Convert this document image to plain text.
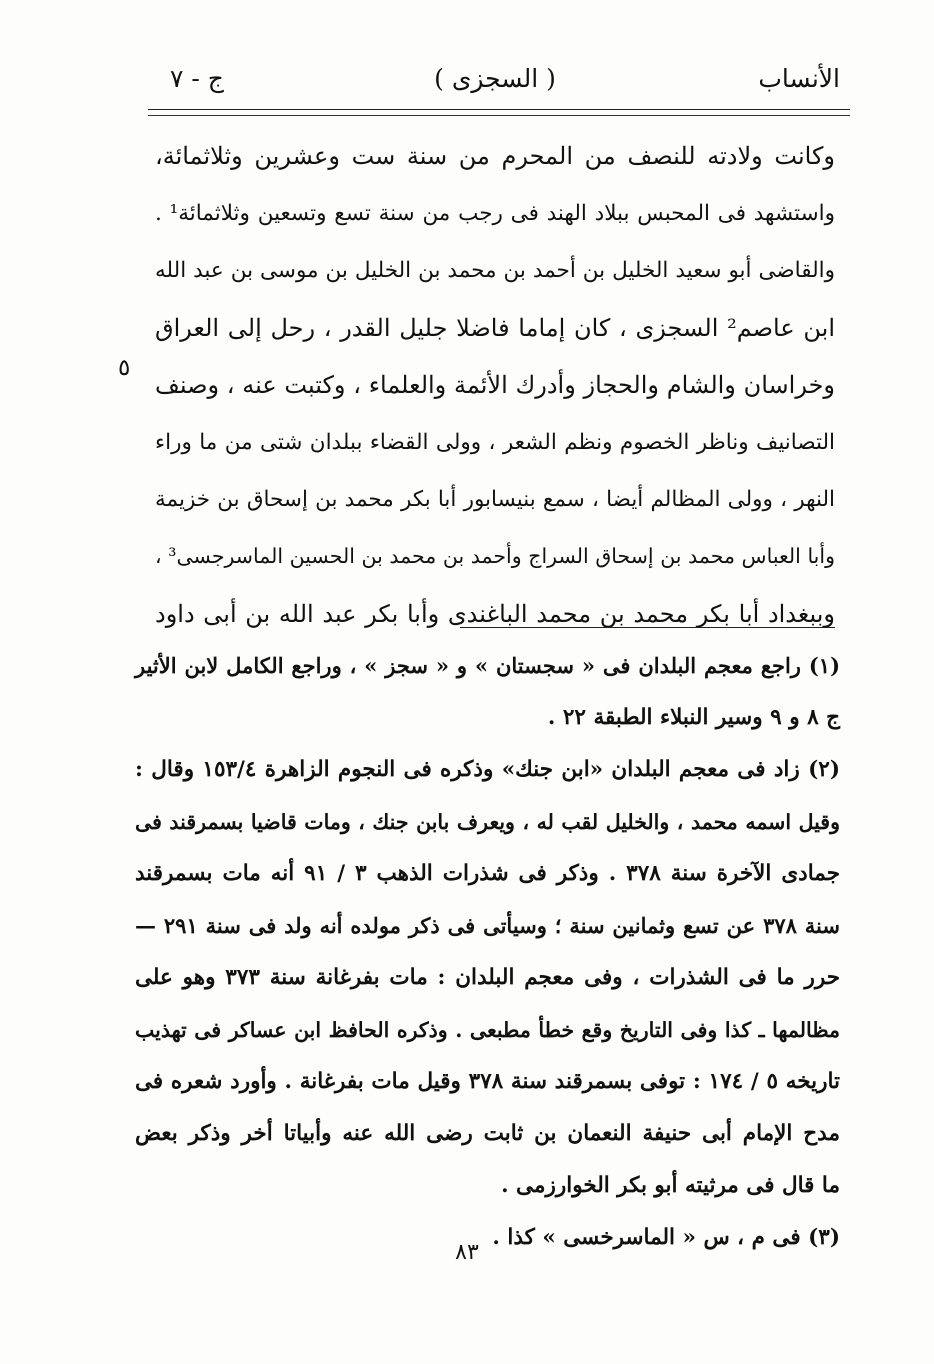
الأنساب
( السجزى )
ج - ٧
٥
وكانت ولادته للنصف من المحرم من سنة ست وعشرين وثلاثمائة،
واستشهد فى المحبس ببلاد الهند فى رجب من سنة تسع وتسعين وثلاثمائة¹ .
والقاضى أبو سعيد الخليل بن أحمد بن محمد بن الخليل بن موسى بن عبد الله
ابن عاصم² السجزى ، كان إماما فاضلا جليل القدر ، رحل إلى العراق
وخراسان والشام والحجاز وأدرك الأئمة والعلماء ، وكتبت عنه ، وصنف
التصانيف وناظر الخصوم ونظم الشعر ، وولى القضاء ببلدان شتى من ما وراء
النهر ، وولى المظالم أيضا ، سمع بنيسابور أبا بكر محمد بن إسحاق بن خزيمة
وأبا العباس محمد بن إسحاق السراج وأحمد بن محمد بن الحسين الماسرجسى³ ،
وببغداد أبا بكر محمد بن محمد الباغندى وأبا بكر عبد الله بن أبى داود
(١) راجع معجم البلدان فى « سجستان » و « سجز » ، وراجع الكامل لابن الأثير
ج ٨ و ٩ وسير النبلاء الطبقة ٢٢ .
(٢) زاد فى معجم البلدان «ابن جنك» وذكره فى النجوم الزاهرة ١٥٣/٤ وقال :
وقيل اسمه محمد ، والخليل لقب له ، ويعرف بابن جنك ، ومات قاضيا بسمرقند فى
جمادى الآخرة سنة ٣٧٨ . وذكر فى شذرات الذهب ٣ / ٩١ أنه مات بسمرقند
سنة ٣٧٨ عن تسع وثمانين سنة ؛ وسيأتى فى ذكر مولده أنه ولد فى سنة ٢٩١ —
حرر ما فى الشذرات ، وفى معجم البلدان : مات بفرغانة سنة ٣٧٣ وهو على
مظالمها ـ كذا وفى التاريخ وقع خطأ مطبعى . وذكره الحافظ ابن عساكر فى تهذيب
تاريخه ٥ / ١٧٤ : توفى بسمرقند سنة ٣٧٨ وقيل مات بفرغانة . وأورد شعره فى
مدح الإمام أبى حنيفة النعمان بن ثابت رضى الله عنه وأبياتا أخر وذكر بعض
ما قال فى مرثيته أبو بكر الخوارزمى .
(٣) فى م ، س « الماسرخسى » كذا .
٨٣
